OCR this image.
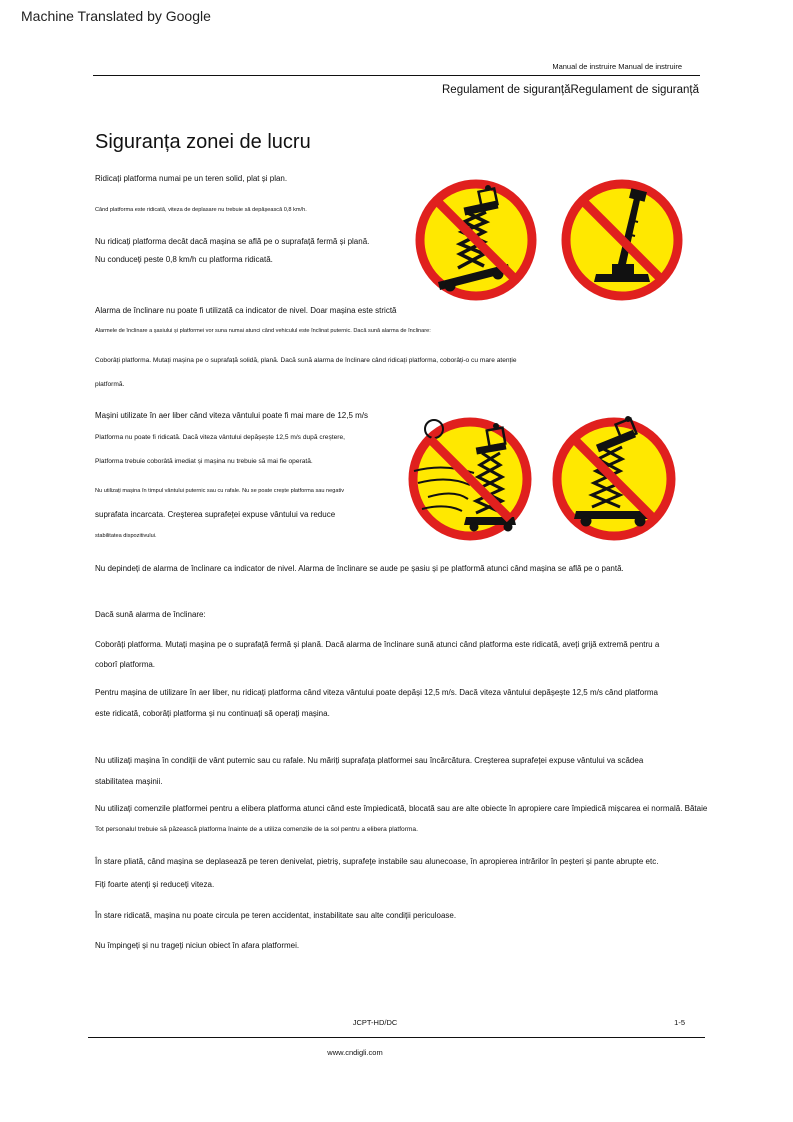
Machine Translated by Google
Manual de instruire Manual de instruire
Regulament de siguranțăRegulament de siguranță
Siguranța zonei de lucru
Ridicați platforma numai pe un teren solid, plat și plan.
Când platforma este ridicată, viteza de deplasare nu trebuie să depășească 0,8 km/h.
Nu ridicați platforma decât dacă mașina se află pe o suprafață fermă și plană.
Nu conduceți peste 0,8 km/h cu platforma ridicată.
Alarma de înclinare nu poate fi utilizată ca indicator de nivel. Doar mașina este strictă
Alarmele de înclinare a șasiului și platformei vor suna numai atunci când vehiculul este înclinat puternic. Dacă sună alarma de înclinare:
Coborâți platforma. Mutați mașina pe o suprafață solidă, plană. Dacă sună alarma de înclinare când ridicați platforma, coborâți-o cu mare atenție
platformă.
Mașini utilizate în aer liber când viteza vântului poate fi mai mare de 12,5 m/s
Platforma nu poate fi ridicată. Dacă viteza vântului depășește 12,5 m/s după creștere,
Platforma trebuie coborâtă imediat și mașina nu trebuie să mai fie operată.
Nu utilizați mașina în timpul vântului puternic sau cu rafale. Nu se poate crește platforma sau negativ
suprafata incarcata. Creșterea suprafeței expuse vântului va reduce
stabilitatea dispozitivului.
Nu depindeți de alarma de înclinare ca indicator de nivel. Alarma de înclinare se aude pe șasiu și pe platformă atunci când mașina se află pe o pantă.
Dacă sună alarma de înclinare:
Coborâți platforma. Mutați mașina pe o suprafață fermă și plană. Dacă alarma de înclinare sună atunci când platforma este ridicată, aveți grijă extremă pentru a
coborî platforma.
Pentru mașina de utilizare în aer liber, nu ridicați platforma când viteza vântului poate depăși 12,5 m/s. Dacă viteza vântului depășește 12,5 m/s când platforma
este ridicată, coborâți platforma și nu continuați să operați mașina.
Nu utilizați mașina în condiții de vânt puternic sau cu rafale. Nu măriți suprafața platformei sau încărcătura. Creșterea suprafeței expuse vântului va scădea
stabilitatea mașinii.
Nu utilizați comenzile platformei pentru a elibera platforma atunci când este împiedicată, blocată sau are alte obiecte în apropiere care împiedică mișcarea ei normală. Bătaie
Tot personalul trebuie să păzească platforma înainte de a utiliza comenzile de la sol pentru a elibera platforma.
În stare pliată, când mașina se deplasează pe teren denivelat, pietriș, suprafețe instabile sau alunecoase, în apropierea intrărilor în peșteri și pante abrupte etc.
Fiți foarte atenți și reduceți viteza.
În stare ridicată, mașina nu poate circula pe teren accidentat, instabilitate sau alte condiții periculoase.
Nu împingeți și nu trageți niciun obiect în afara platformei.
JCPT-HD/DC	1-5
www.cndigli.com
